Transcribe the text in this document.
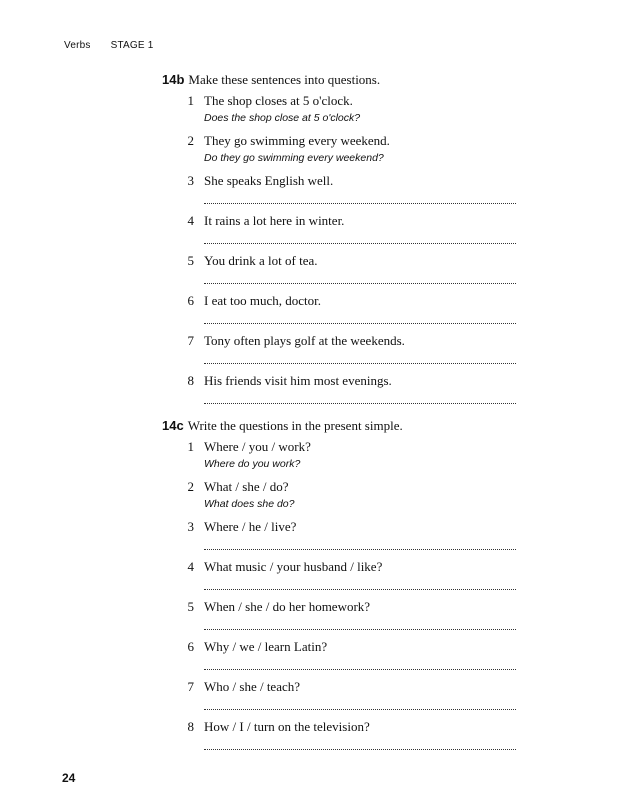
Verbs STAGE 1
14b Make these sentences into questions.
1 The shop closes at 5 o'clock.
Does the shop close at 5 o'clock?
2 They go swimming every weekend.
Do they go swimming every weekend?
3 She speaks English well.
4 It rains a lot here in winter.
5 You drink a lot of tea.
6 I eat too much, doctor.
7 Tony often plays golf at the weekends.
8 His friends visit him most evenings.
14c Write the questions in the present simple.
1 Where / you / work?
Where do you work?
2 What / she / do?
What does she do?
3 Where / he / live?
4 What music / your husband / like?
5 When / she / do her homework?
6 Why / we / learn Latin?
7 Who / she / teach?
8 How / I / turn on the television?
24
